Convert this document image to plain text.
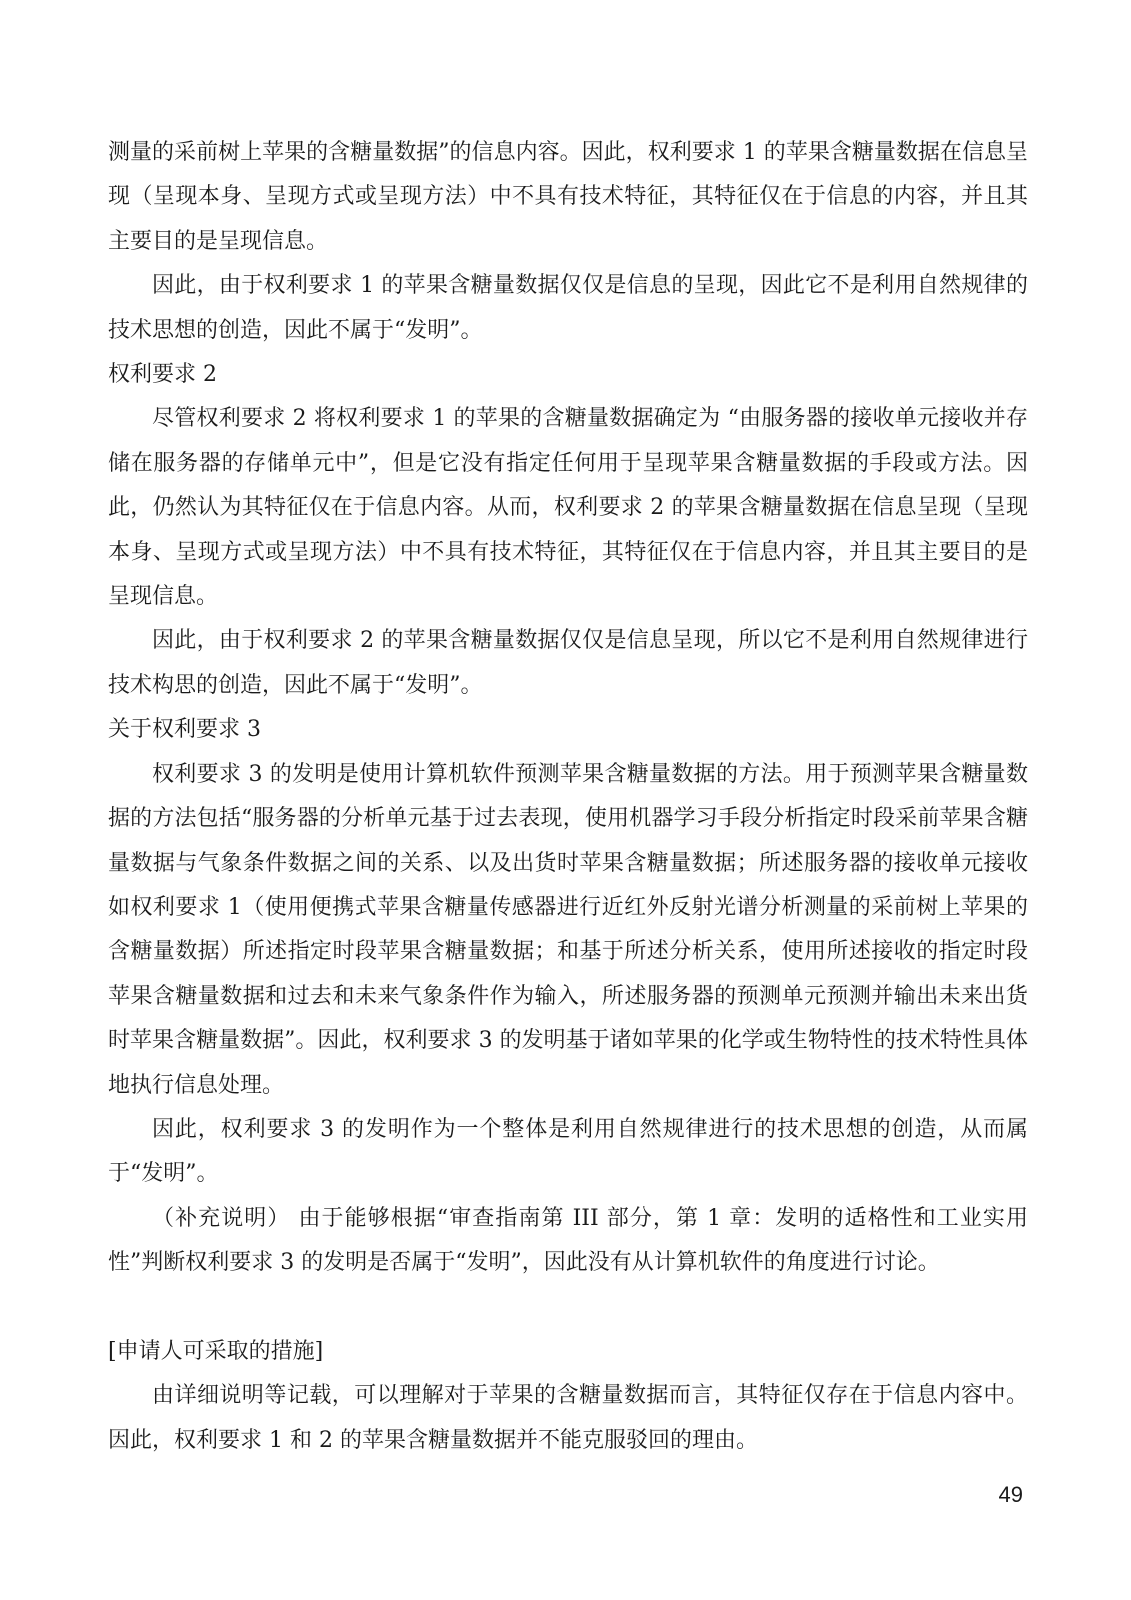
测量的采前树上苹果的含糖量数据”的信息内容。因此，权利要求 1 的苹果含糖量数据在信息呈现（呈现本身、呈现方式或呈现方法）中不具有技术特征，其特征仅在于信息的内容，并且其主要目的是呈现信息。

因此，由于权利要求 1 的苹果含糖量数据仅仅是信息的呈现，因此它不是利用自然规律的技术思想的创造，因此不属于“发明”。

权利要求 2

尽管权利要求 2 将权利要求 1 的苹果的含糖量数据确定为 “由服务器的接收单元接收并存储在服务器的存储单元中”，但是它没有指定任何用于呈现苹果含糖量数据的手段或方法。因此，仍然认为其特征仅在于信息内容。从而，权利要求 2 的苹果含糖量数据在信息呈现（呈现本身、呈现方式或呈现方法）中不具有技术特征，其特征仅在于信息内容，并且其主要目的是呈现信息。

因此，由于权利要求 2 的苹果含糖量数据仅仅是信息呈现，所以它不是利用自然规律进行技术构思的创造，因此不属于“发明”。

关于权利要求 3

权利要求 3 的发明是使用计算机软件预测苹果含糖量数据的方法。用于预测苹果含糖量数据的方法包括“服务器的分析单元基于过去表现，使用机器学习手段分析指定时段采前苹果含糖量数据与气象条件数据之间的关系、以及出货时苹果含糖量数据；所述服务器的接收单元接收如权利要求 1（使用便携式苹果含糖量传感器进行近红外反射光谱分析测量的采前树上苹果的含糖量数据）所述指定时段苹果含糖量数据；和基于所述分析关系，使用所述接收的指定时段苹果含糖量数据和过去和未来气象条件作为输入，所述服务器的预测单元预测并输出未来出货时苹果含糖量数据”。因此，权利要求 3 的发明基于诸如苹果的化学或生物特性的技术特性具体地执行信息处理。

因此，权利要求 3 的发明作为一个整体是利用自然规律进行的技术思想的创造，从而属于“发明”。

（补充说明） 由于能够根据“审查指南第 III 部分，第 1 章：发明的适格性和工业实用性”判断权利要求 3 的发明是否属于“发明”，因此没有从计算机软件的角度进行讨论。

[申请人可采取的措施]

由详细说明等记载，可以理解对于苹果的含糖量数据而言，其特征仅存在于信息内容中。因此，权利要求 1 和 2 的苹果含糖量数据并不能克服驳回的理由。

49
